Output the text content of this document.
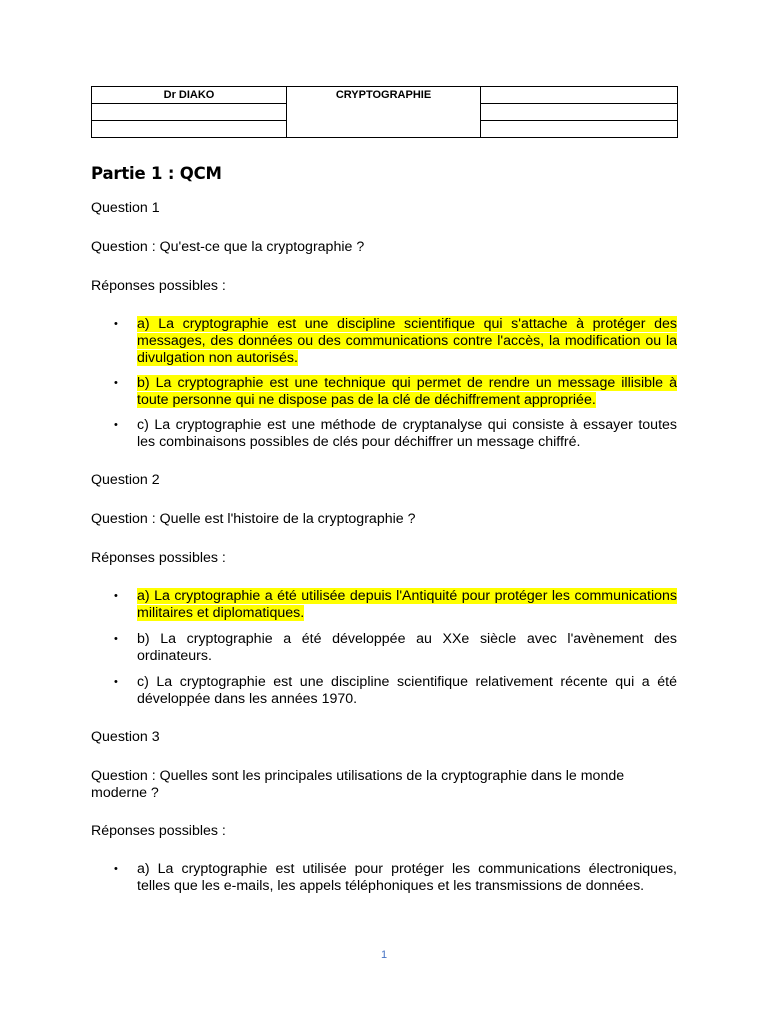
Dr DIAKO	CRYPTOGRAPHIE	

Partie 1 : QCM

Question 1

Question : Qu'est-ce que la cryptographie ?

Réponses possibles :

• a) La cryptographie est une discipline scientifique qui s'attache à protéger des messages, des données ou des communications contre l'accès, la modification ou la divulgation non autorisés.
• b) La cryptographie est une technique qui permet de rendre un message illisible à toute personne qui ne dispose pas de la clé de déchiffrement appropriée.
• c) La cryptographie est une méthode de cryptanalyse qui consiste à essayer toutes les combinaisons possibles de clés pour déchiffrer un message chiffré.

Question 2

Question : Quelle est l'histoire de la cryptographie ?

Réponses possibles :

• a) La cryptographie a été utilisée depuis l'Antiquité pour protéger les communications militaires et diplomatiques.
• b) La cryptographie a été développée au XXe siècle avec l'avènement des ordinateurs.
• c) La cryptographie est une discipline scientifique relativement récente qui a été développée dans les années 1970.

Question 3

Question : Quelles sont les principales utilisations de la cryptographie dans le monde moderne ?

Réponses possibles :

• a) La cryptographie est utilisée pour protéger les communications électroniques, telles que les e-mails, les appels téléphoniques et les transmissions de données.
1
